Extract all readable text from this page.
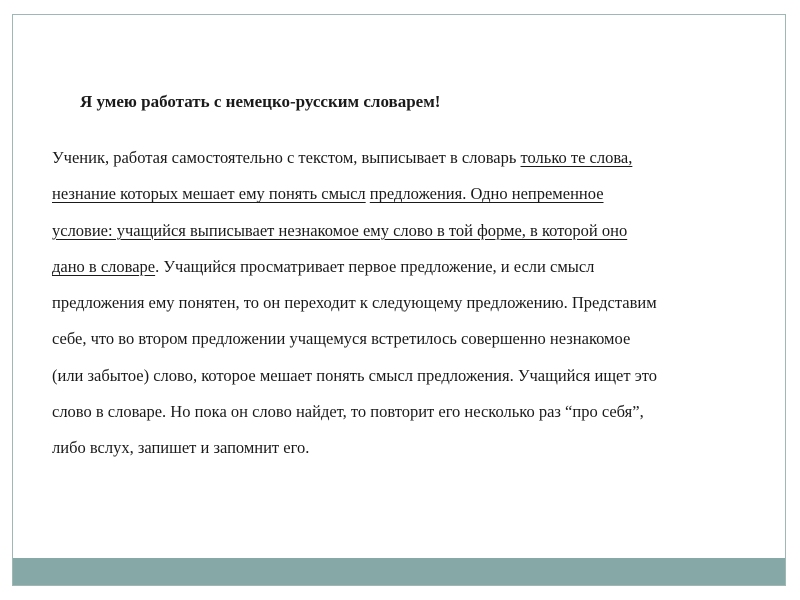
Я умею работать с немецко-русским словарем!
Ученик, работая самостоятельно с текстом, выписывает в словарь только те слова,
незнание которых мешает ему понять смысл предложения. Одно непременное
условие: учащийся выписывает незнакомое ему слово в той форме, в которой оно
дано в словаре. Учащийся просматривает первое предложение, и если смысл
предложения ему понятен, то он переходит к следующему предложению. Представим
себе, что во втором предложении учащемуся встретилось совершенно незнакомое
(или забытое) слово, которое мешает понять смысл предложения. Учащийся ищет это
слово в словаре. Но пока он слово найдет, то повторит его несколько раз “про себя”,
либо вслух, запишет и запомнит его.
